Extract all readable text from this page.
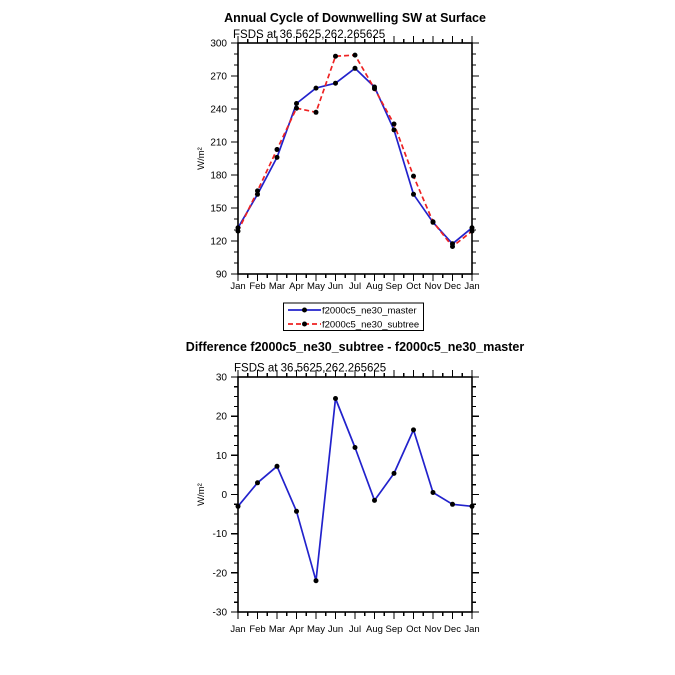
Annual Cycle of Downwelling SW at Surface
FSDS at 36.5625,262.265625
W/m²
90
120
150
180
210
240
270
300
Jan Feb Mar Apr May Jun Jul Aug Sep Oct Nov Dec Jan
f2000c5_ne30_master
f2000c5_ne30_subtree
Difference f2000c5_ne30_subtree - f2000c5_ne30_master
FSDS at 36.5625,262.265625
W/m²
-30
-20
-10
0
10
20
30
Jan Feb Mar Apr May Jun Jul Aug Sep Oct Nov Dec Jan
